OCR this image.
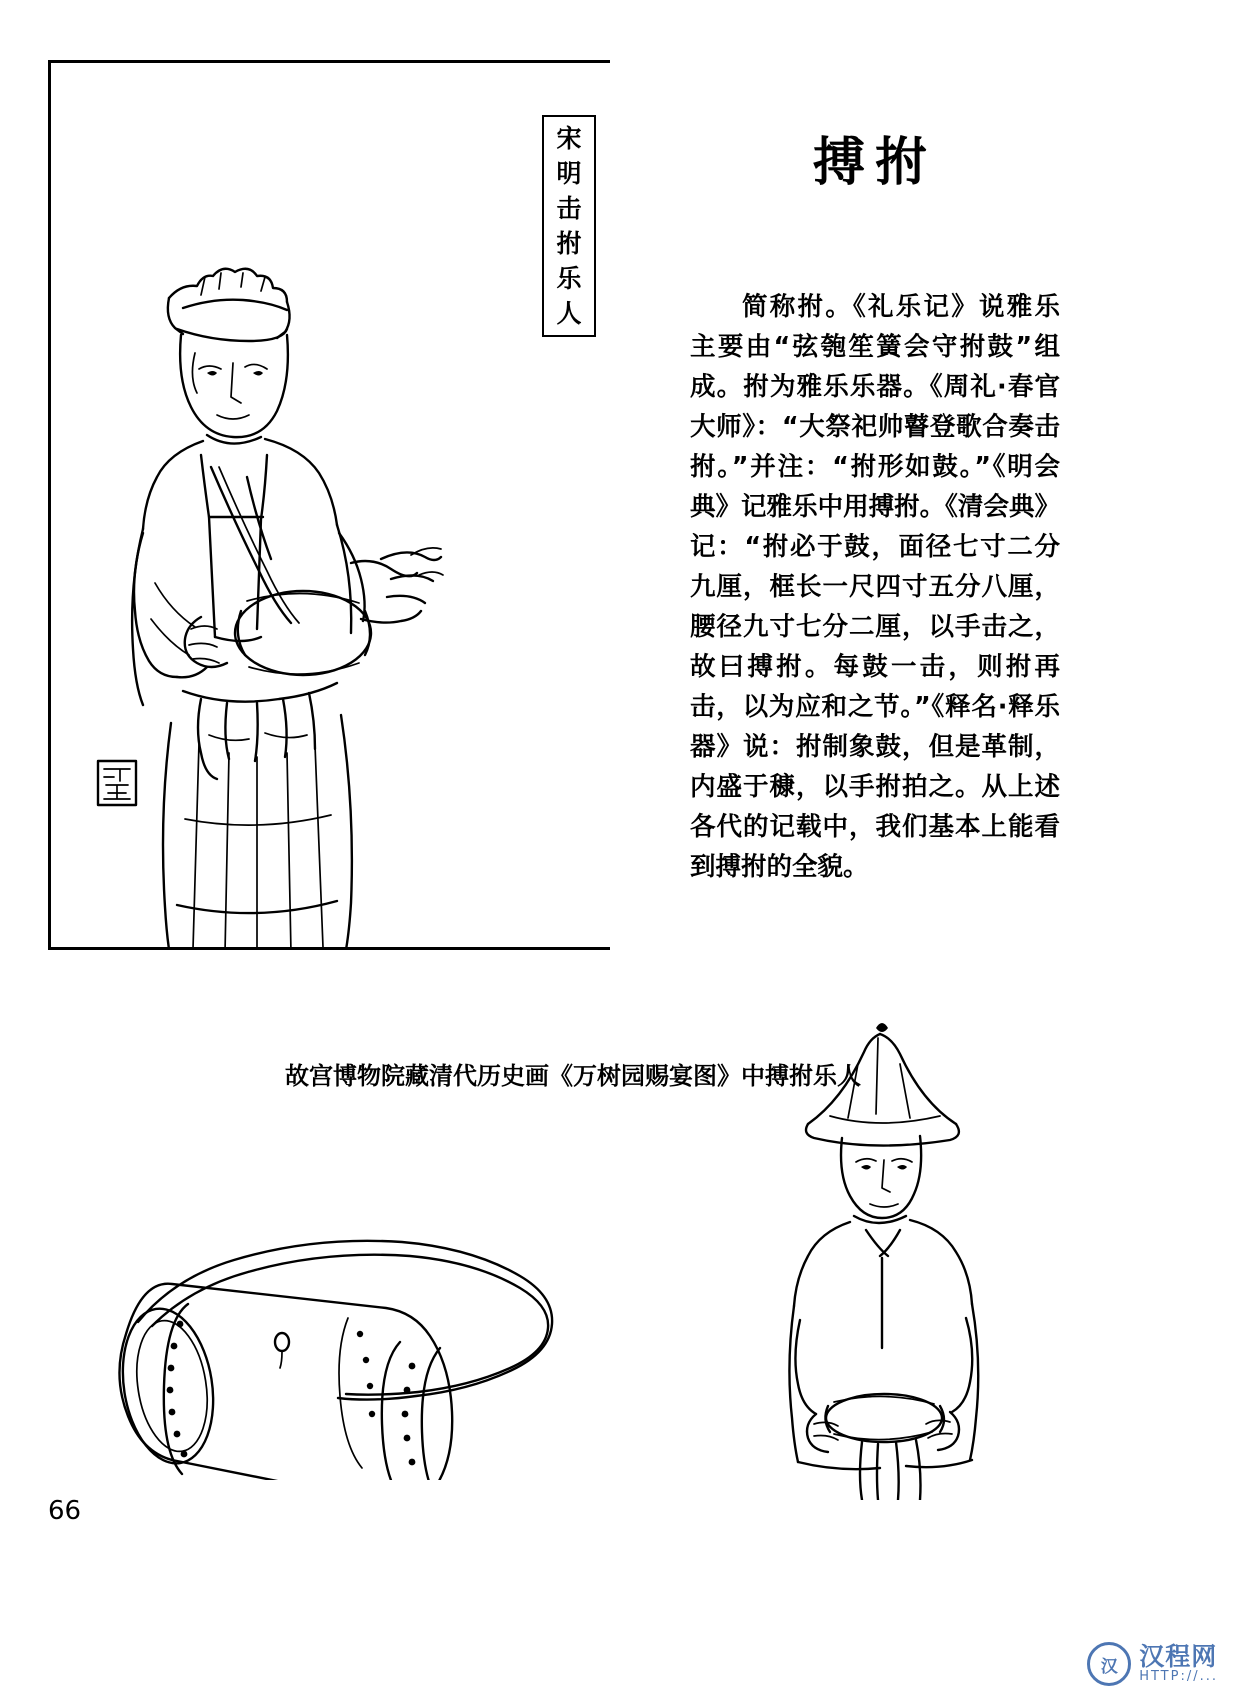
宋
明
击
拊
乐
人
搏拊

简称拊。《礼乐记》说雅乐主要由“弦匏笙簧会守拊鼓”组成。拊为雅乐乐器。《周礼·春官大师》：“大祭祀帅瞽登歌合奏击拊。”并注：“拊形如鼓。”《明会典》记雅乐中用搏拊。《清会典》记：“拊必于鼓，面径七寸二分九厘，框长一尺四寸五分八厘，腰径九寸七分二厘，以手击之，故曰搏拊。每鼓一击，则拊再击，以为应和之节。”《释名·释乐器》说：拊制象鼓，但是革制，内盛于穅，以手拊拍之。从上述各代的记载中，我们基本上能看到搏拊的全貌。

故宫博物院藏清代历史画《万树园赐宴图》中搏拊乐人
66
汉 汉程网
HTTP://...
